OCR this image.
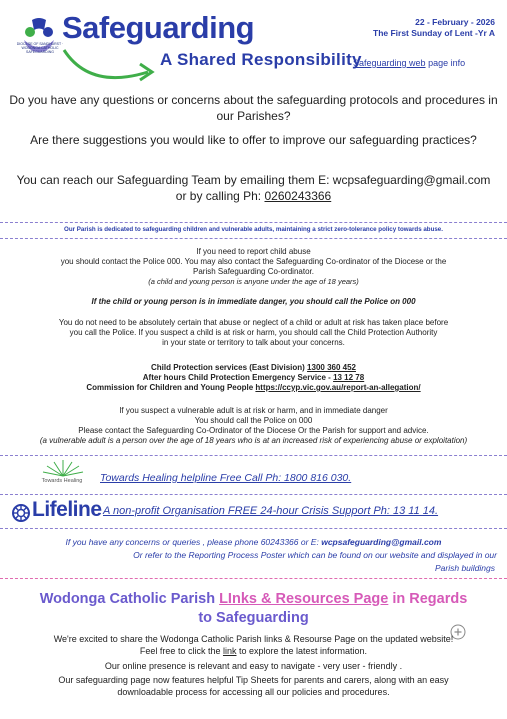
DIOCESE OF SANDHURST · WODONGA CATHOLIC SAFEGUARDING
Safeguarding
A Shared Responsibility
22 - February - 2026
The First Sunday of Lent -Yr A
Safeguarding web page info
Do you have any questions or concerns about the safeguarding protocols and procedures in our Parishes?
Are there suggestions you would like to offer to improve our safeguarding practices?
You can reach our Safeguarding Team by emailing them E: wcpsafeguarding@gmail.com
or by calling Ph: 0260243366
Our Parish is dedicated to safeguarding children and vulnerable adults, maintaining a strict zero-tolerance policy towards abuse.
If you need to report child abuse
you should contact the Police 000. You may also contact the Safeguarding Co-ordinator of the Diocese or the
Parish Safeguarding Co-ordinator.
(a child and young person is anyone under the age of 18 years)
If the child or young person is in immediate danger, you should call the Police on 000
You do not need to be absolutely certain that abuse or neglect of a child or adult at risk has taken place before
you call the Police. If you suspect a child is at risk or harm, you should call the Child Protection Authority
in your state or territory to talk about your concerns.
Child Protection services (East Division) 1300 360 452
After hours Child Protection Emergency Service - 13 12 78
Commission for Children and Young People https://ccyp.vic.gov.au/report-an-allegation/
If you suspect a vulnerable adult is at risk or harm, and in immediate danger
You should call the Police on 000
Please contact the Safeguarding Co-Ordinator of the Diocese Or the Parish for support and advice.
(a vulnerable adult is a person over the age of 18 years who is at an increased risk of experiencing abuse or exploitation)
Towards Healing	Towards Healing helpline Free Call Ph: 1800 816 030.
Lifeline A non-profit Organisation FREE 24-hour Crisis Support Ph: 13 11 14.
If you have any concerns or queries , please phone 60243366 or E: wcpsafeguarding@gmail.com
Or refer to the Reporting Process Poster which can be found on our website and displayed in our
Parish buildings
Wodonga Catholic Parish LInks & Resources Page in Regards
to Safeguarding
We're excited to share the Wodonga Catholic Parish links & Resourse Page on the updated website!
Feel free to click the link to explore the latest information.
Our online presence is relevant and easy to navigate - very user - friendly .
Our safeguarding page now features helpful Tip Sheets for parents and carers, along with an easy
downloadable process for accessing all our policies and procedures.
